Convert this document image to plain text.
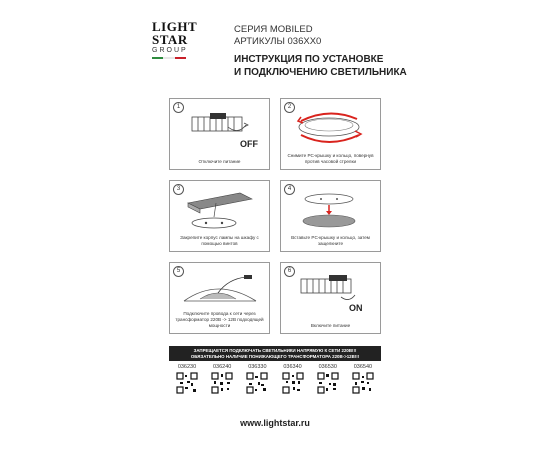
LIGHT
STAR
GROUP
СЕРИЯ MOBILED
АРТИКУЛЫ 036XX0
ИНСТРУКЦИЯ ПО УСТАНОВКЕ
И ПОДКЛЮЧЕНИЮ СВЕТИЛЬНИКА
1
OFF
Отключите питание
2
Снимите PC-крышку и кольцо, повернув против часовой стрелки
3
Закрепите корпус лампы на шкафу с помощью винтов
4
Вставьте PC-крышку и кольцо, затем защелкните
5
Подключите провода к сети через трансформатор 220В -> 12В подходящей мощности
6
ON
Включите питание
ЗАПРЕЩАЕТСЯ ПОДКЛЮЧАТЬ СВЕТИЛЬНИКИ НАПРЯМУЮ К СЕТИ 220В!!!
ОБЯЗАТЕЛЬНО НАЛИЧИЕ ПОНИЖАЮЩЕГО ТРАНСФОРМАТОРА 220В->12В!!!
036230	036240	036330	036340	036530	036540
www.lightstar.ru
